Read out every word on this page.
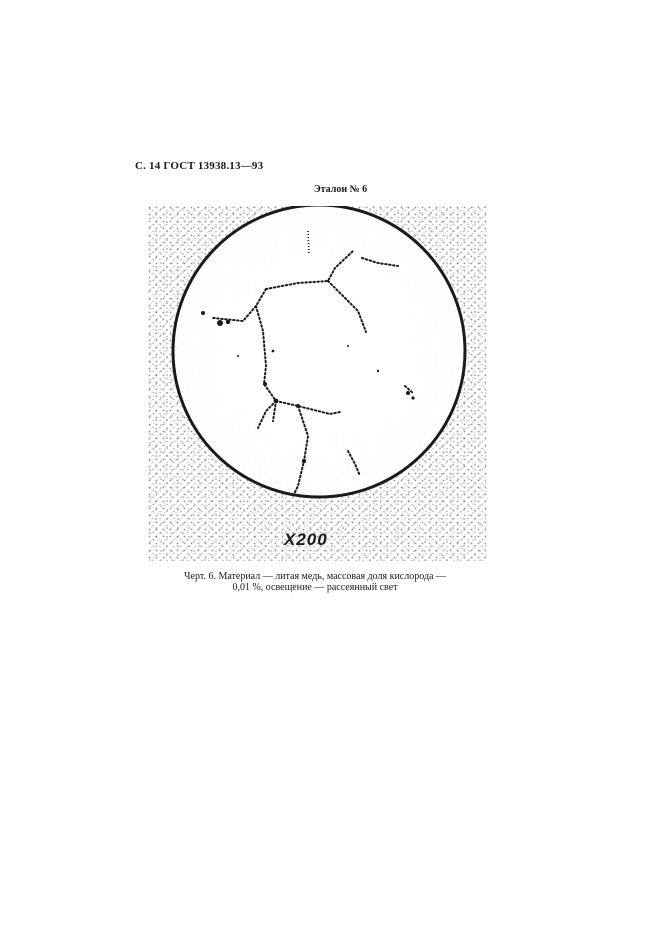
С. 14 ГОСТ 13938.13—93
Эталон № 6
X200
Черт. 6. Материал — литая медь, массовая доля кислорода —
0,01 %, освещение — рассеянный свет
